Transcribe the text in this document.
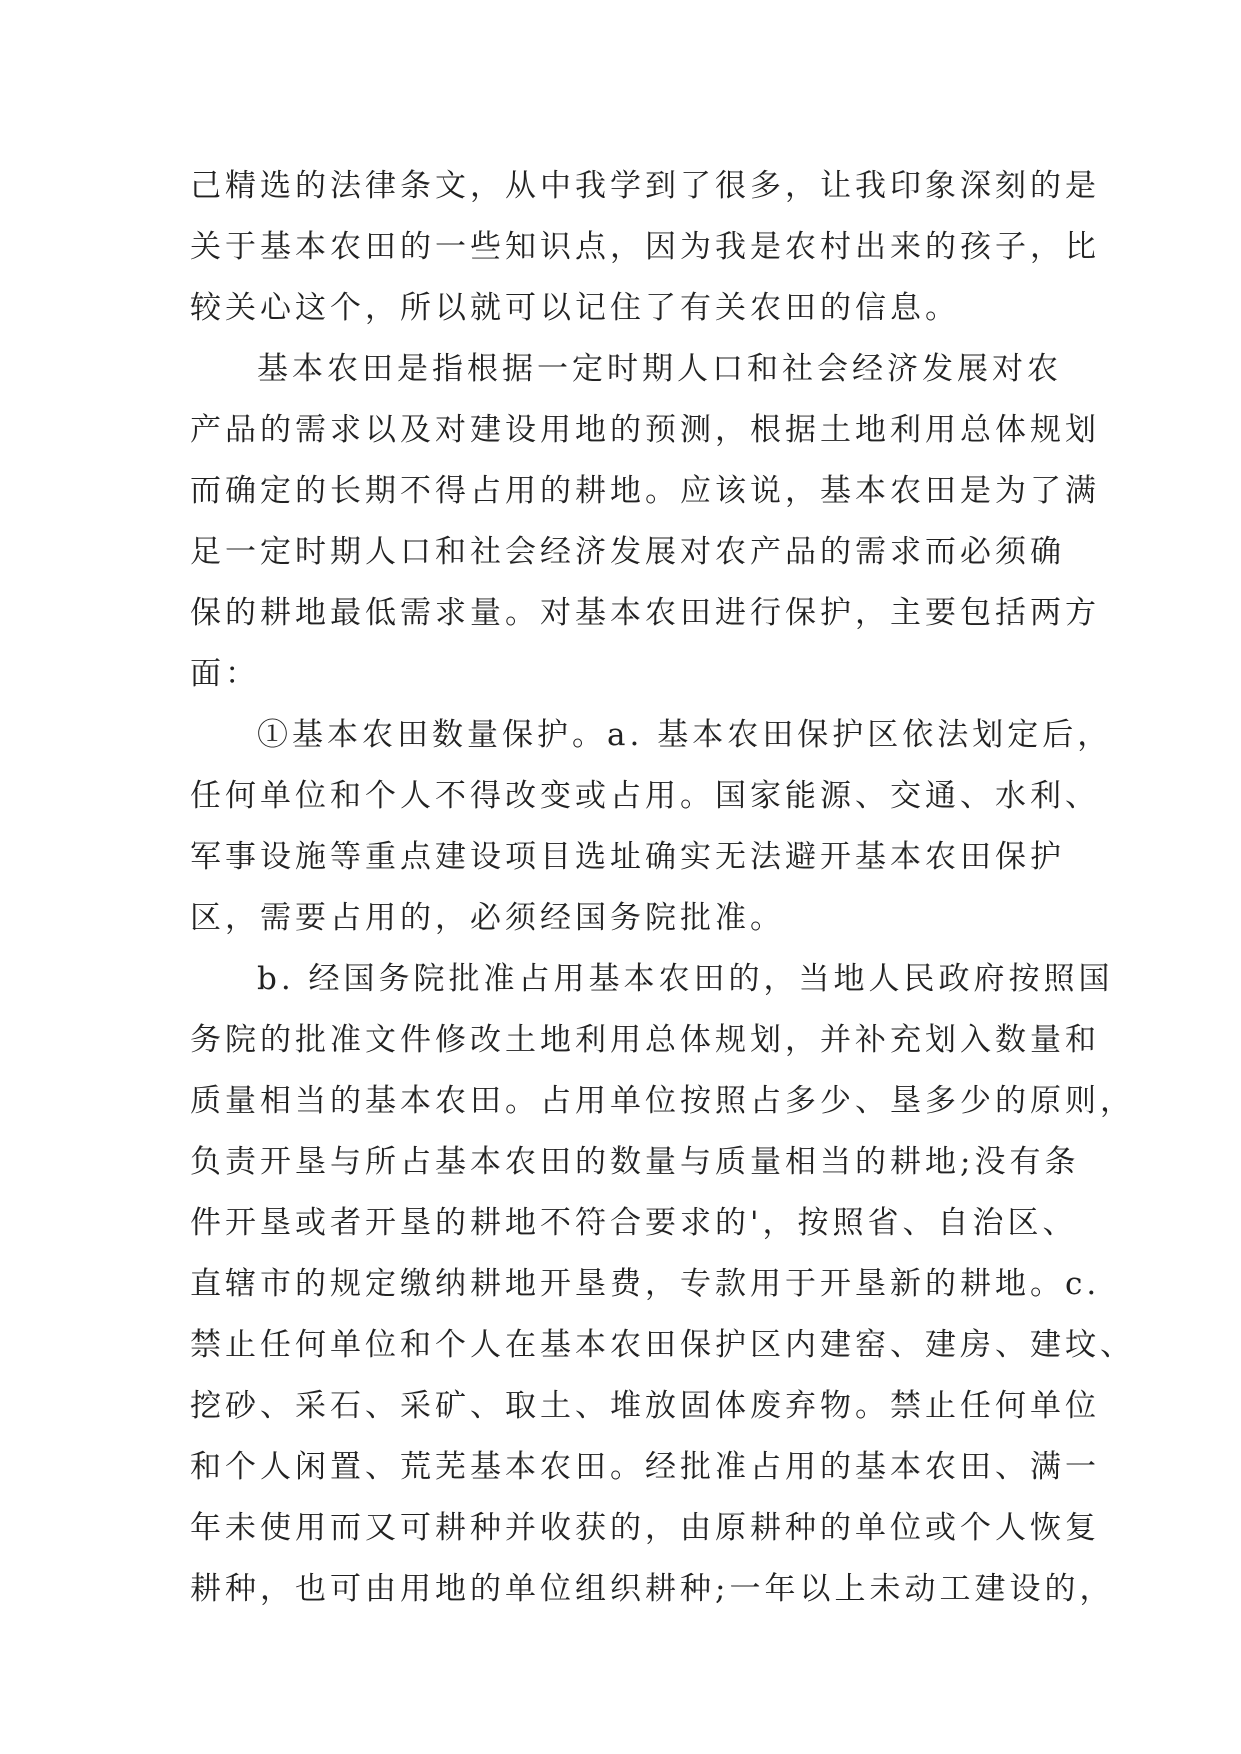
己精选的法律条文，从中我学到了很多，让我印象深刻的是
关于基本农田的一些知识点，因为我是农村出来的孩子，比
较关心这个，所以就可以记住了有关农田的信息。
基本农田是指根据一定时期人口和社会经济发展对农
产品的需求以及对建设用地的预测，根据土地利用总体规划
而确定的长期不得占用的耕地。应该说，基本农田是为了满
足一定时期人口和社会经济发展对农产品的需求而必须确
保的耕地最低需求量。对基本农田进行保护，主要包括两方
面：
①基本农田数量保护。a. 基本农田保护区依法划定后，
任何单位和个人不得改变或占用。国家能源、交通、水利、
军事设施等重点建设项目选址确实无法避开基本农田保护
区，需要占用的，必须经国务院批准。
b. 经国务院批准占用基本农田的，当地人民政府按照国
务院的批准文件修改土地利用总体规划，并补充划入数量和
质量相当的基本农田。占用单位按照占多少、垦多少的原则，
负责开垦与所占基本农田的数量与质量相当的耕地;没有条
件开垦或者开垦的耕地不符合要求的'，按照省、自治区、
直辖市的规定缴纳耕地开垦费，专款用于开垦新的耕地。c.
禁止任何单位和个人在基本农田保护区内建窑、建房、建坟、
挖砂、采石、采矿、取土、堆放固体废弃物。禁止任何单位
和个人闲置、荒芜基本农田。经批准占用的基本农田、满一
年未使用而又可耕种并收获的，由原耕种的单位或个人恢复
耕种，也可由用地的单位组织耕种;一年以上未动工建设的，
